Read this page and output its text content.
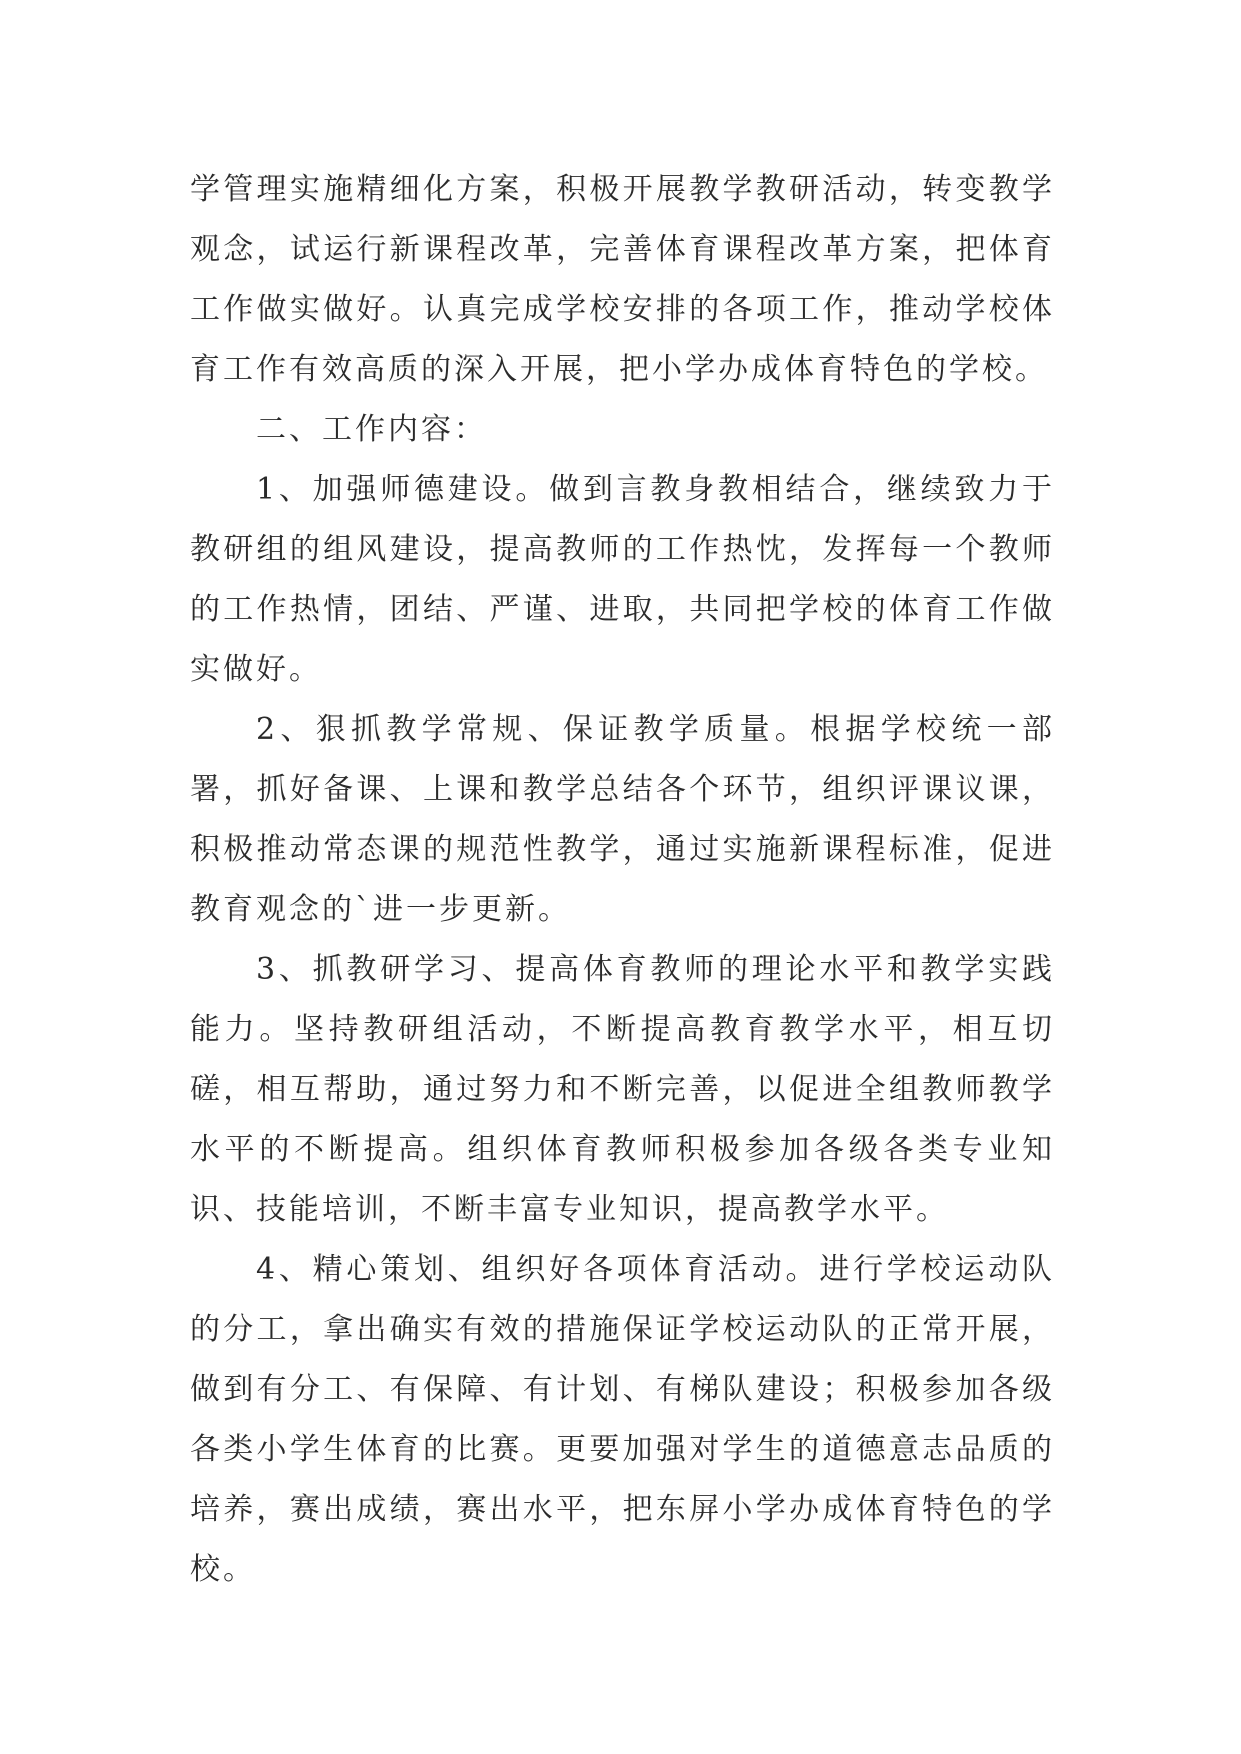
学管理实施精细化方案，积极开展教学教研活动，转变教学观念，试运行新课程改革，完善体育课程改革方案，把体育工作做实做好。认真完成学校安排的各项工作，推动学校体育工作有效高质的深入开展，把小学办成体育特色的学校。

二、工作内容：

1、加强师德建设。做到言教身教相结合，继续致力于教研组的组风建设，提高教师的工作热忱，发挥每一个教师的工作热情，团结、严谨、进取，共同把学校的体育工作做实做好。

2、狠抓教学常规、保证教学质量。根据学校统一部署，抓好备课、上课和教学总结各个环节，组织评课议课，积极推动常态课的规范性教学，通过实施新课程标准，促进教育观念的`进一步更新。

3、抓教研学习、提高体育教师的理论水平和教学实践能力。坚持教研组活动，不断提高教育教学水平，相互切磋，相互帮助，通过努力和不断完善，以促进全组教师教学水平的不断提高。组织体育教师积极参加各级各类专业知识、技能培训，不断丰富专业知识，提高教学水平。

4、精心策划、组织好各项体育活动。进行学校运动队的分工，拿出确实有效的措施保证学校运动队的正常开展，做到有分工、有保障、有计划、有梯队建设；积极参加各级各类小学生体育的比赛。更要加强对学生的道德意志品质的培养，赛出成绩，赛出水平，把东屏小学办成体育特色的学校。
